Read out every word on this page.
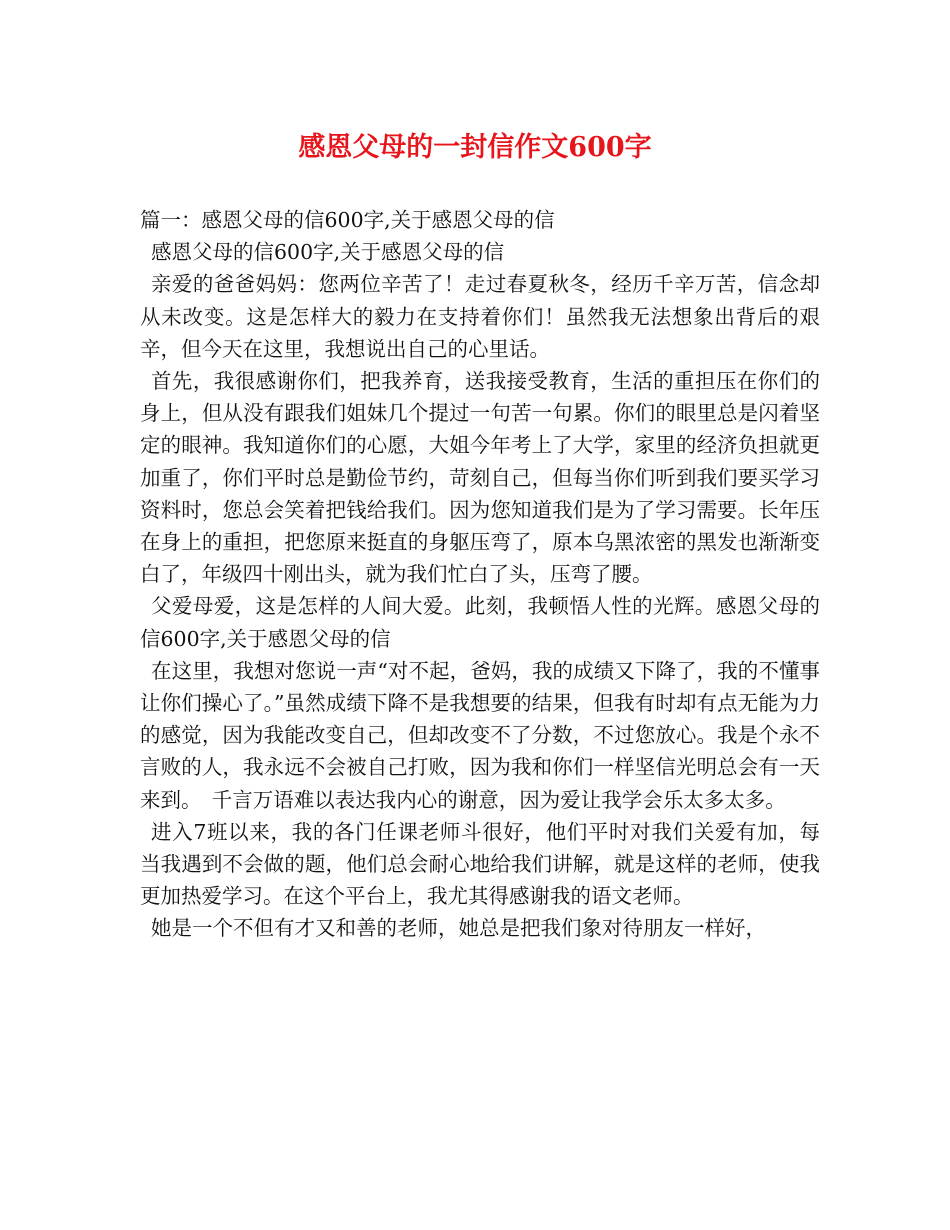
感恩父母的一封信作文600字

篇一：感恩父母的信600字,关于感恩父母的信

感恩父母的信600字,关于感恩父母的信

亲爱的爸爸妈妈：您两位辛苦了！走过春夏秋冬，经历千辛万苦，信念却从未改变。这是怎样大的毅力在支持着你们！虽然我无法想象出背后的艰辛，但今天在这里，我想说出自己的心里话。

首先，我很感谢你们，把我养育，送我接受教育，生活的重担压在你们的身上，但从没有跟我们姐妹几个提过一句苦一句累。你们的眼里总是闪着坚定的眼神。我知道你们的心愿，大姐今年考上了大学，家里的经济负担就更加重了，你们平时总是勤俭节约，苛刻自己，但每当你们听到我们要买学习资料时，您总会笑着把钱给我们。因为您知道我们是为了学习需要。长年压在身上的重担，把您原来挺直的身躯压弯了，原本乌黑浓密的黑发也渐渐变白了，年级四十刚出头，就为我们忙白了头，压弯了腰。

父爱母爱，这是怎样的人间大爱。此刻，我顿悟人性的光辉。感恩父母的信600字,关于感恩父母的信

在这里，我想对您说一声“对不起，爸妈，我的成绩又下降了，我的不懂事让你们操心了。”虽然成绩下降不是我想要的结果，但我有时却有点无能为力的感觉，因为我能改变自己，但却改变不了分数，不过您放心。我是个永不言败的人，我永远不会被自己打败，因为我和你们一样坚信光明总会有一天来到。　千言万语难以表达我内心的谢意，因为爱让我学会乐太多太多。

进入7班以来，我的各门任课老师斗很好，他们平时对我们关爱有加，每当我遇到不会做的题，他们总会耐心地给我们讲解，就是这样的老师，使我更加热爱学习。在这个平台上，我尤其得感谢我的语文老师。

她是一个不但有才又和善的老师，她总是把我们象对待朋友一样好，
